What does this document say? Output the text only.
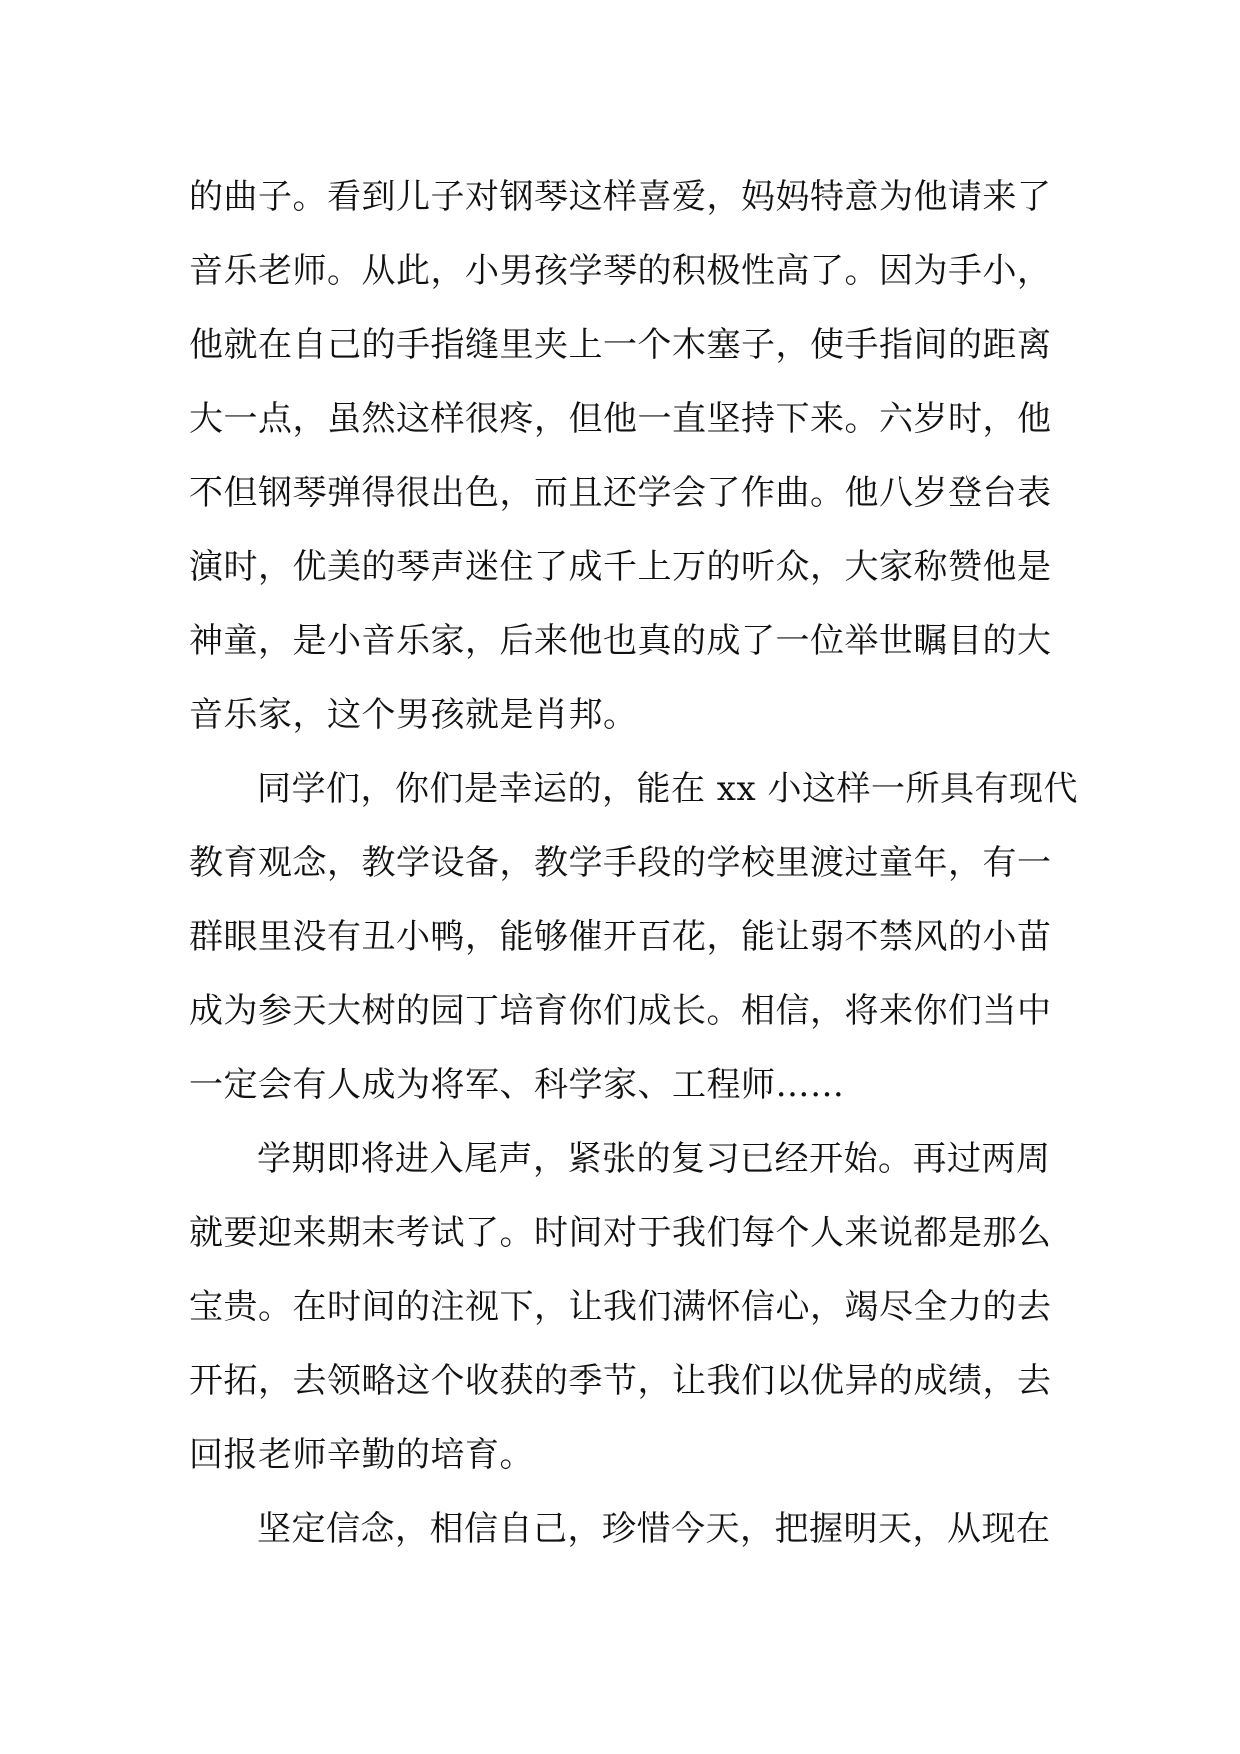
的曲子。看到儿子对钢琴这样喜爱，妈妈特意为他请来了
音乐老师。从此，小男孩学琴的积极性高了。因为手小，
他就在自己的手指缝里夹上一个木塞子，使手指间的距离
大一点，虽然这样很疼，但他一直坚持下来。六岁时，他
不但钢琴弹得很出色，而且还学会了作曲。他八岁登台表
演时，优美的琴声迷住了成千上万的听众，大家称赞他是
神童，是小音乐家，后来他也真的成了一位举世瞩目的大
音乐家，这个男孩就是肖邦。
同学们，你们是幸运的，能在 xx 小这样一所具有现代
教育观念，教学设备，教学手段的学校里渡过童年，有一
群眼里没有丑小鸭，能够催开百花，能让弱不禁风的小苗
成为参天大树的园丁培育你们成长。相信，将来你们当中
一定会有人成为将军、科学家、工程师……
学期即将进入尾声，紧张的复习已经开始。再过两周
就要迎来期末考试了。时间对于我们每个人来说都是那么
宝贵。在时间的注视下，让我们满怀信心，竭尽全力的去
开拓，去领略这个收获的季节，让我们以优异的成绩，去
回报老师辛勤的培育。
坚定信念，相信自己，珍惜今天，把握明天，从现在
